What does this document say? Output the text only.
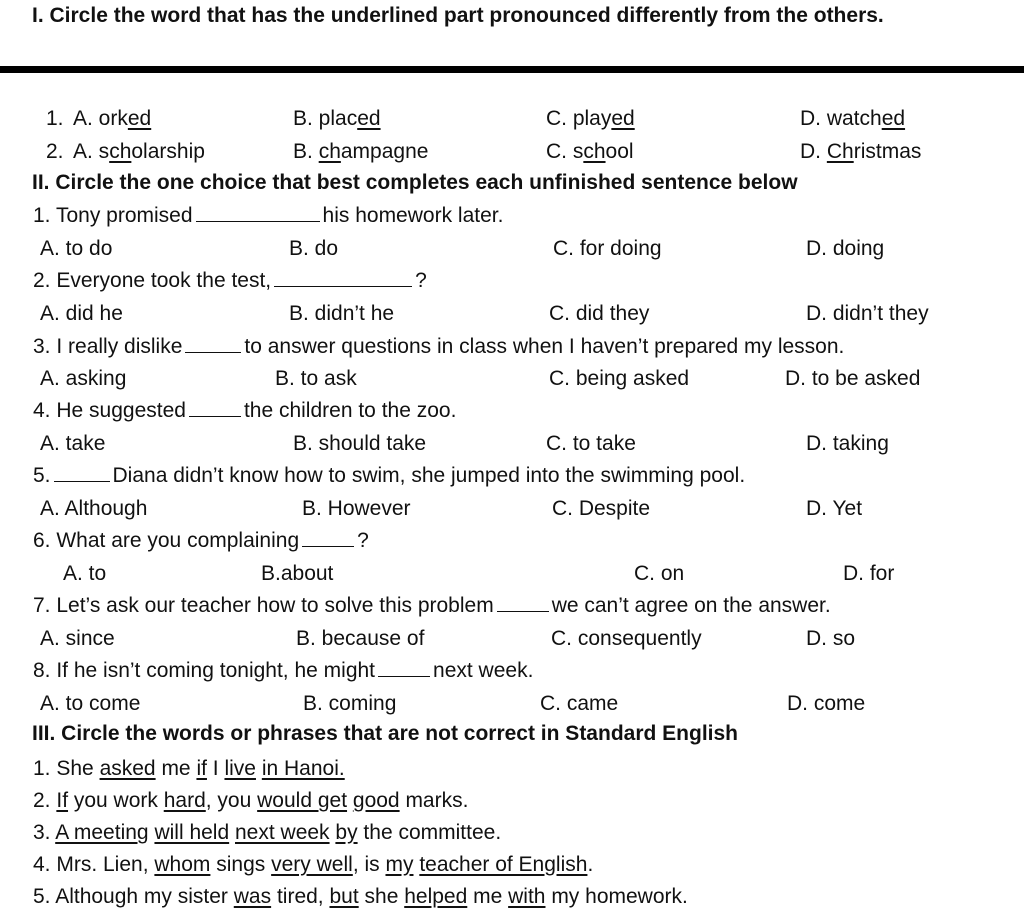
I. Circle the word that has the underlined part pronounced differently from the others.
1. A. orked	B. placed	C. played	D. watched
2. A. scholarship	B. champagne	C. school	D. Christmas
II. Circle the one choice that best completes each unfinished sentence below
1. Tony promised	his homework later.
A. to do	B. do	C. for doing	D. doing
2. Everyone took the test,	?
A. did he	B. didn’t he	C. did they	D. didn’t they
3. I really dislike	to answer questions in class when I haven’t prepared my lesson.
A. asking	B. to ask	C. being asked	D. to be asked
4. He suggested	the children to the zoo.
A. take	B. should take	C. to take	D. taking
5.	Diana didn’t know how to swim, she jumped into the swimming pool.
A. Although	B. However	C. Despite	D. Yet
6. What are you complaining	?
A. to	B.about	C. on	D. for
7. Let’s ask our teacher how to solve this problem	we can’t agree on the answer.
A. since	B. because of	C. consequently	D. so
8. If he isn’t coming tonight, he might	next week.
A. to come	B. coming	C. came	D. come
III. Circle the words or phrases that are not correct in Standard English
1. She asked me if I live in Hanoi.
2. If you work hard, you would get good marks.
3. A meeting will held next week by the committee.
4. Mrs. Lien, whom sings very well, is my teacher of English.
5. Although my sister was tired, but she helped me with my homework.
